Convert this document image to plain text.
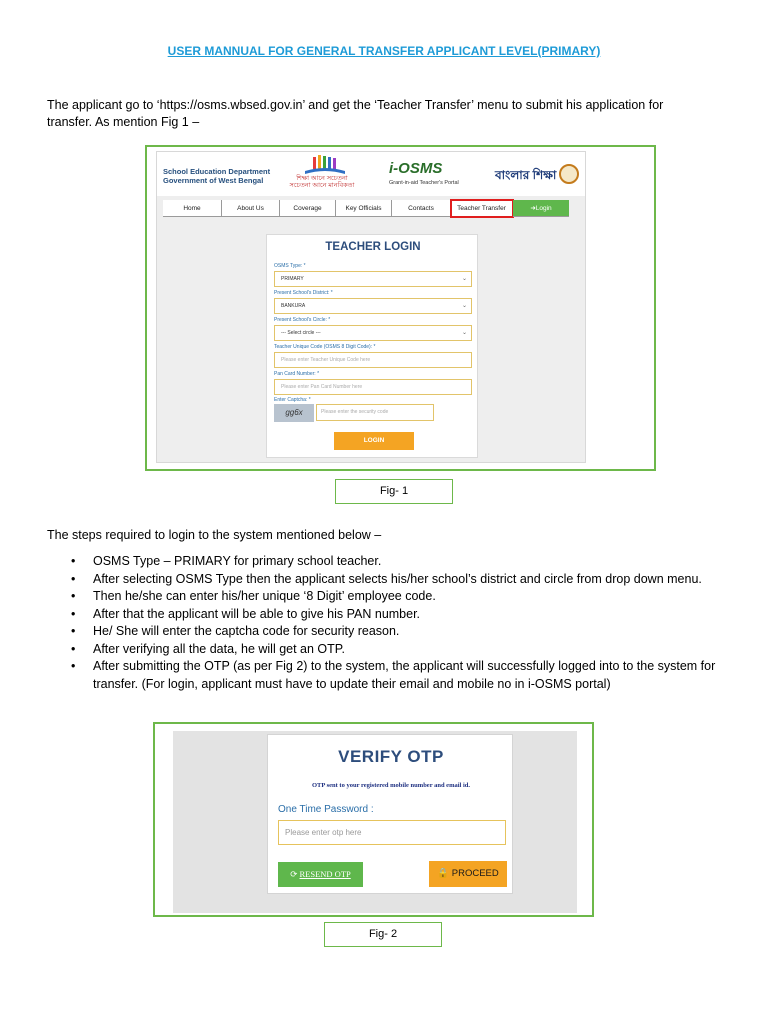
USER MANNUAL FOR GENERAL TRANSFER APPLICANT LEVEL(PRIMARY)
The applicant go to ‘https://osms.wbsed.gov.in’ and get the ‘Teacher Transfer’ menu to submit his application for
transfer. As mention Fig 1 –
School Education Department
Government of West Bengal	শিক্ষা আনে সচেতনা
সচেতনা আনে মানবিকতা
i-OSMS
Grant-in-aid Teacher's Portal
বাংলার শিক্ষা
Home	About Us	Coverage	Key Officials	Contacts	Teacher Transfer	➜Login
TEACHER LOGIN
OSMS Type: *
PRIMARY	⌄
Present School's District: *
BANKURA	⌄
Present School's Circle: *
--- Select circle ---	⌄
Teacher Unique Code (OSMS 8 Digit Code): *
Please enter Teacher Unique Code here
Pan Card Number: *
Please enter Pan Card Number here
Enter Captcha: *
gg6x	Please enter the security code
LOGIN
Fig- 1
The steps required to login to the system mentioned below –
• OSMS Type – PRIMARY for primary school teacher.
• After selecting OSMS Type then the applicant selects his/her school’s district and circle from drop down menu.
• Then he/she can enter his/her unique ‘8 Digit’ employee code.
• After that the applicant will be able to give his PAN number.
• He/ She will enter the captcha code for security reason.
• After verifying all the data, he will get an OTP.
• After submitting the OTP (as per Fig 2) to the system, the applicant will successfully logged into to the system for transfer. (For login, applicant must have to update their email and mobile no in i-OSMS portal)
VERIFY OTP
OTP sent to your registered mobile number and email id.
One Time Password :
Please enter otp here
⟳ RESEND OTP	🔒 PROCEED
Fig- 2
